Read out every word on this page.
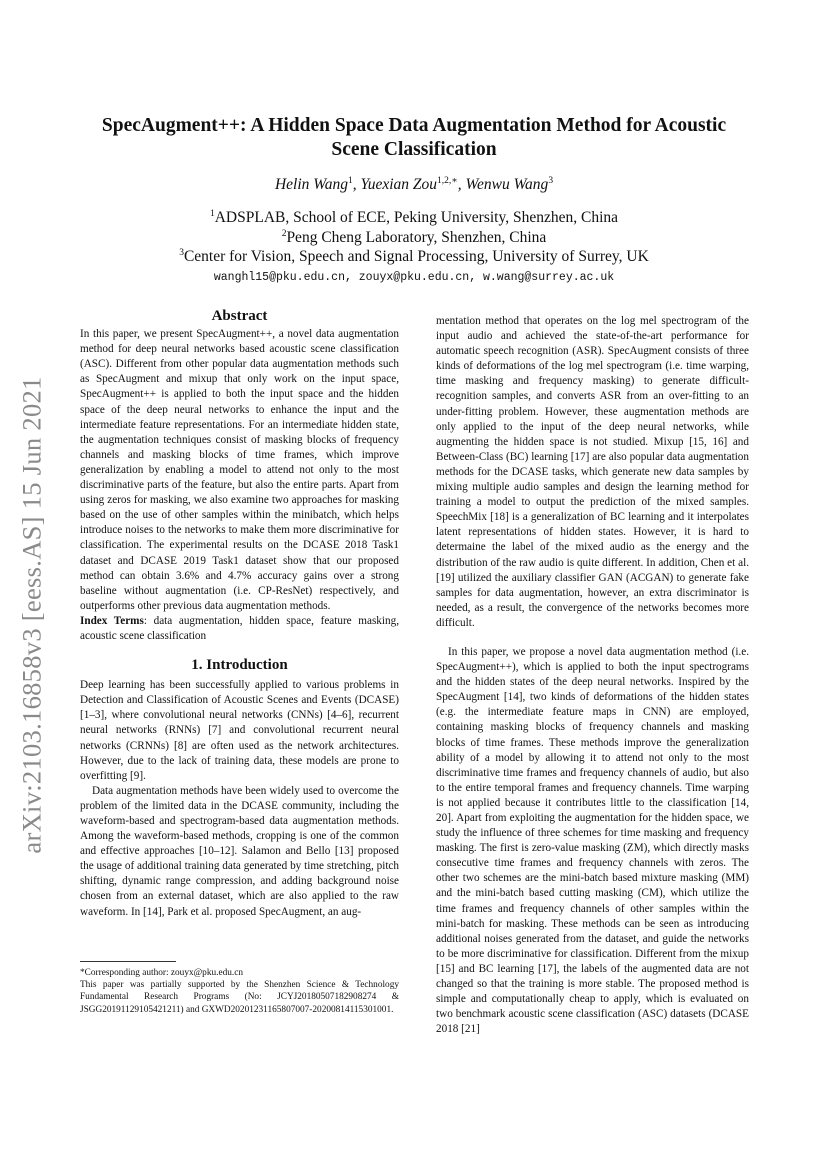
arXiv:2103.16858v3 [eess.AS] 15 Jun 2021
SpecAugment++: A Hidden Space Data Augmentation Method for Acoustic
Scene Classification
Helin Wang$^1$, Yuexian Zou$^{1,2,∗}$, Wenwu Wang$^3$
$^1$ADSPLAB, School of ECE, Peking University, Shenzhen, China
$^2$Peng Cheng Laboratory, Shenzhen, China
$^3$Center for Vision, Speech and Signal Processing, University of Surrey, UK
wanghl15@pku.edu.cn, zouyx@pku.edu.cn, w.wang@surrey.ac.uk

Abstract

In this paper, we present SpecAugment++, a novel data augmentation method for deep neural networks based acoustic scene classification (ASC). Different from other popular data augmentation methods such as SpecAugment and mixup that only work on the input space, SpecAugment++ is applied to both the input space and the hidden space of the deep neural networks to enhance the input and the intermediate feature representations. For an intermediate hidden state, the augmentation techniques consist of masking blocks of frequency channels and masking blocks of time frames, which improve generalization by enabling a model to attend not only to the most discriminative parts of the feature, but also the entire parts. Apart from using zeros for masking, we also examine two approaches for masking based on the use of other samples within the minibatch, which helps introduce noises to the networks to make them more discriminative for classification. The experimental results on the DCASE 2018 Task1 dataset and DCASE 2019 Task1 dataset show that our proposed method can obtain 3.6% and 4.7% accuracy gains over a strong baseline without augmentation (i.e. CP-ResNet) respectively, and outperforms other previous data augmentation methods.

Index Terms: data augmentation, hidden space, feature masking, acoustic scene classification

1. Introduction

Deep learning has been successfully applied to various problems in Detection and Classification of Acoustic Scenes and Events (DCASE) [1–3], where convolutional neural networks (CNNs) [4–6], recurrent neural networks (RNNs) [7] and convolutional recurrent neural networks (CRNNs) [8] are often used as the network architectures. However, due to the lack of training data, these models are prone to overfitting [9].

Data augmentation methods have been widely used to overcome the problem of the limited data in the DCASE community, including the waveform-based and spectrogram-based data augmentation methods. Among the waveform-based methods, cropping is one of the common and effective approaches [10–12]. Salamon and Bello [13] proposed the usage of additional training data generated by time stretching, pitch shifting, dynamic range compression, and adding background noise chosen from an external dataset, which are also applied to the raw waveform. In [14], Park et al. proposed SpecAugment, an aug-

*Corresponding author: zouyx@pku.edu.cn

This paper was partially supported by the Shenzhen Science & Technology Fundamental Research Programs (No: JCYJ20180507182908274 & JSGG20191129105421211) and GXWD20201231165807007-20200814115301001.

mentation method that operates on the log mel spectrogram of the input audio and achieved the state-of-the-art performance for automatic speech recognition (ASR). SpecAugment consists of three kinds of deformations of the log mel spectrogram (i.e. time warping, time masking and frequency masking) to generate difficult-recognition samples, and converts ASR from an over-fitting to an under-fitting problem. However, these augmentation methods are only applied to the input of the deep neural networks, while augmenting the hidden space is not studied. Mixup [15, 16] and Between-Class (BC) learning [17] are also popular data augmentation methods for the DCASE tasks, which generate new data samples by mixing multiple audio samples and design the learning method for training a model to output the prediction of the mixed samples. SpeechMix [18] is a generalization of BC learning and it interpolates latent representations of hidden states. However, it is hard to determaine the label of the mixed audio as the energy and the distribution of the raw audio is quite different. In addition, Chen et al. [19] utilized the auxiliary classifier GAN (ACGAN) to generate fake samples for data augmentation, however, an extra discriminator is needed, as a result, the convergence of the networks becomes more difficult.

In this paper, we propose a novel data augmentation method (i.e. SpecAugment++), which is applied to both the input spectrograms and the hidden states of the deep neural networks. Inspired by the SpecAugment [14], two kinds of deformations of the hidden states (e.g. the intermediate feature maps in CNN) are employed, containing masking blocks of frequency channels and masking blocks of time frames. These methods improve the generalization ability of a model by allowing it to attend not only to the most discriminative time frames and frequency channels of audio, but also to the entire temporal frames and frequency channels. Time warping is not applied because it contributes little to the classification [14, 20]. Apart from exploiting the augmentation for the hidden space, we study the influence of three schemes for time masking and frequency masking. The first is zero-value masking (ZM), which directly masks consecutive time frames and frequency channels with zeros. The other two schemes are the mini-batch based mixture masking (MM) and the mini-batch based cutting masking (CM), which utilize the time frames and frequency channels of other samples within the mini-batch for masking. These methods can be seen as introducing additional noises generated from the dataset, and guide the networks to be more discriminative for classification. Different from the mixup [15] and BC learning [17], the labels of the augmented data are not changed so that the training is more stable. The proposed method is simple and computationally cheap to apply, which is evaluated on two benchmark acoustic scene classification (ASC) datasets (DCASE 2018 [21]
